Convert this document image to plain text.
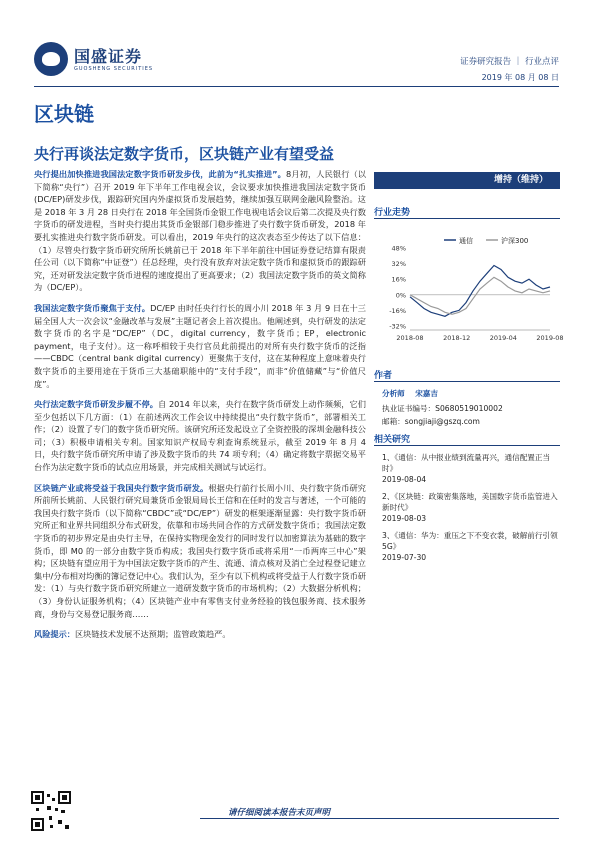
国盛证券
GUOSHENG SECURITIES
证券研究报告 ｜ 行业点评
2019 年 08 月 08 日
区块链
央行再谈法定数字货币，区块链产业有望受益

央行提出加快推进我国法定数字货币研发步伐，此前为“扎实推进”。8月初，人民银行（以下简称“央行”）召开 2019 年下半年工作电视会议，会议要求加快推进我国法定数字货币(DC/EP)研发步伐，跟踪研究国内外虚拟货币发展趋势，继续加强互联网金融风险整治。这是 2018 年 3 月 28 日央行在 2018 年全国货币金银工作电视电话会议后第二次提及央行数字货币的研发进程，当时央行提出其货币金银部门稳步推进了央行数字货币研发，2018 年要扎实推进央行数字货币研发。可以看出，2019 年央行的这次表态至少传达了以下信息：（1）尽管央行数字货币研究所所长姚前已于 2018 年下半年前往中国证券登记结算有限责任公司（以下简称“中证登”）任总经理，央行没有放弃对法定数字货币和虚拟货币的跟踪研究，还对研发法定数字货币进程的速度提出了更高要求；（2）我国法定数字货币的英文简称为（DC/EP）。

我国法定数字货币聚焦于支付。DC/EP 由时任央行行长的周小川 2018 年 3 月 9 日在十三届全国人大一次会议“金融改革与发展”主题记者会上首次提出。他阐述到，央行研发的法定数字货币的名字是“DC/EP”（DC，digital currency，数字货币；EP，electronic payment，电子支付）。这一称呼相较于央行官员此前提出的对所有央行数字货币的泛指——CBDC（central bank digital currency）更聚焦于支付，这在某种程度上意味着央行数字货币的主要用途在于货币三大基础职能中的“支付手段”，而非“价值储藏”与“价值尺度”。

央行法定数字货币研发步履不停。自 2014 年以来，央行在数字货币研发上动作频频，它们至少包括以下几方面：（1）在前述两次工作会议中持续提出“央行数字货币”，部署相关工作；（2）设置了专门的数字货币研究所。该研究所还发起设立了全资控股的深圳金融科技公司；（3）积极申请相关专利。国家知识产权局专利查询系统显示，截至 2019 年 8 月 4 日，央行数字货币研究所申请了涉及数字货币的共 74 项专利；（4）确定将数字票据交易平台作为法定数字货币的试点应用场景，并完成相关测试与试运行。

区块链产业或将受益于我国央行数字货币研发。根据央行前行长周小川、央行数字货币研究所前所长姚前、人民银行研究局兼货币金银局局长王信和在任时的发言与著述，一个可能的我国央行数字货币（以下简称“CBDC”或“DC/EP”）研发的框架逐渐显露：央行数字货币研究所正和业界共同组织分布式研发，依靠和市场共同合作的方式研发数字货币；我国法定数字货币的初步界定是由央行主导，在保持实物现金发行的同时发行以加密算法为基础的数字货币，即 M0 的一部分由数字货币构成；我国央行数字货币或将采用“一币两库三中心”架构；区块链有望应用于为中国法定数字货币的产生、流通、清点核对及消亡全过程登记建立集中/分布相对均衡的簿记登记中心。我们认为，至少有以下机构或将受益于人行数字货币研发：（1）与央行数字货币研究所建立一道研发数字货币的市场机构；（2）大数据分析机构；（3）身份认证服务机构；（4）区块链产业中有零售支付业务经验的钱包服务商、技术服务商，身份与交易登记服务商……

风险提示：区块链技术发展不达预期；监管政策趋严。

增持（维持）
行业走势
通信	沪深300
48%
32%
16%
0%
-16%
-32%
2018-08	2018-12	2019-04	2019-08
作者
分析师 宋嘉吉
执业证书编号：S0680519010002
邮箱：songjiaji@gszq.com
相关研究
1、《通信：从中报业绩到流量再兴，通信配置正当时》
2019-08-04
2、《区块链：政策密集落地，美国数字货币监管进入新时代》
2019-08-03
3、《通信：华为：重压之下不变衣裳，破解前行引领 5G》
2019-07-30
请仔细阅读本报告末页声明
